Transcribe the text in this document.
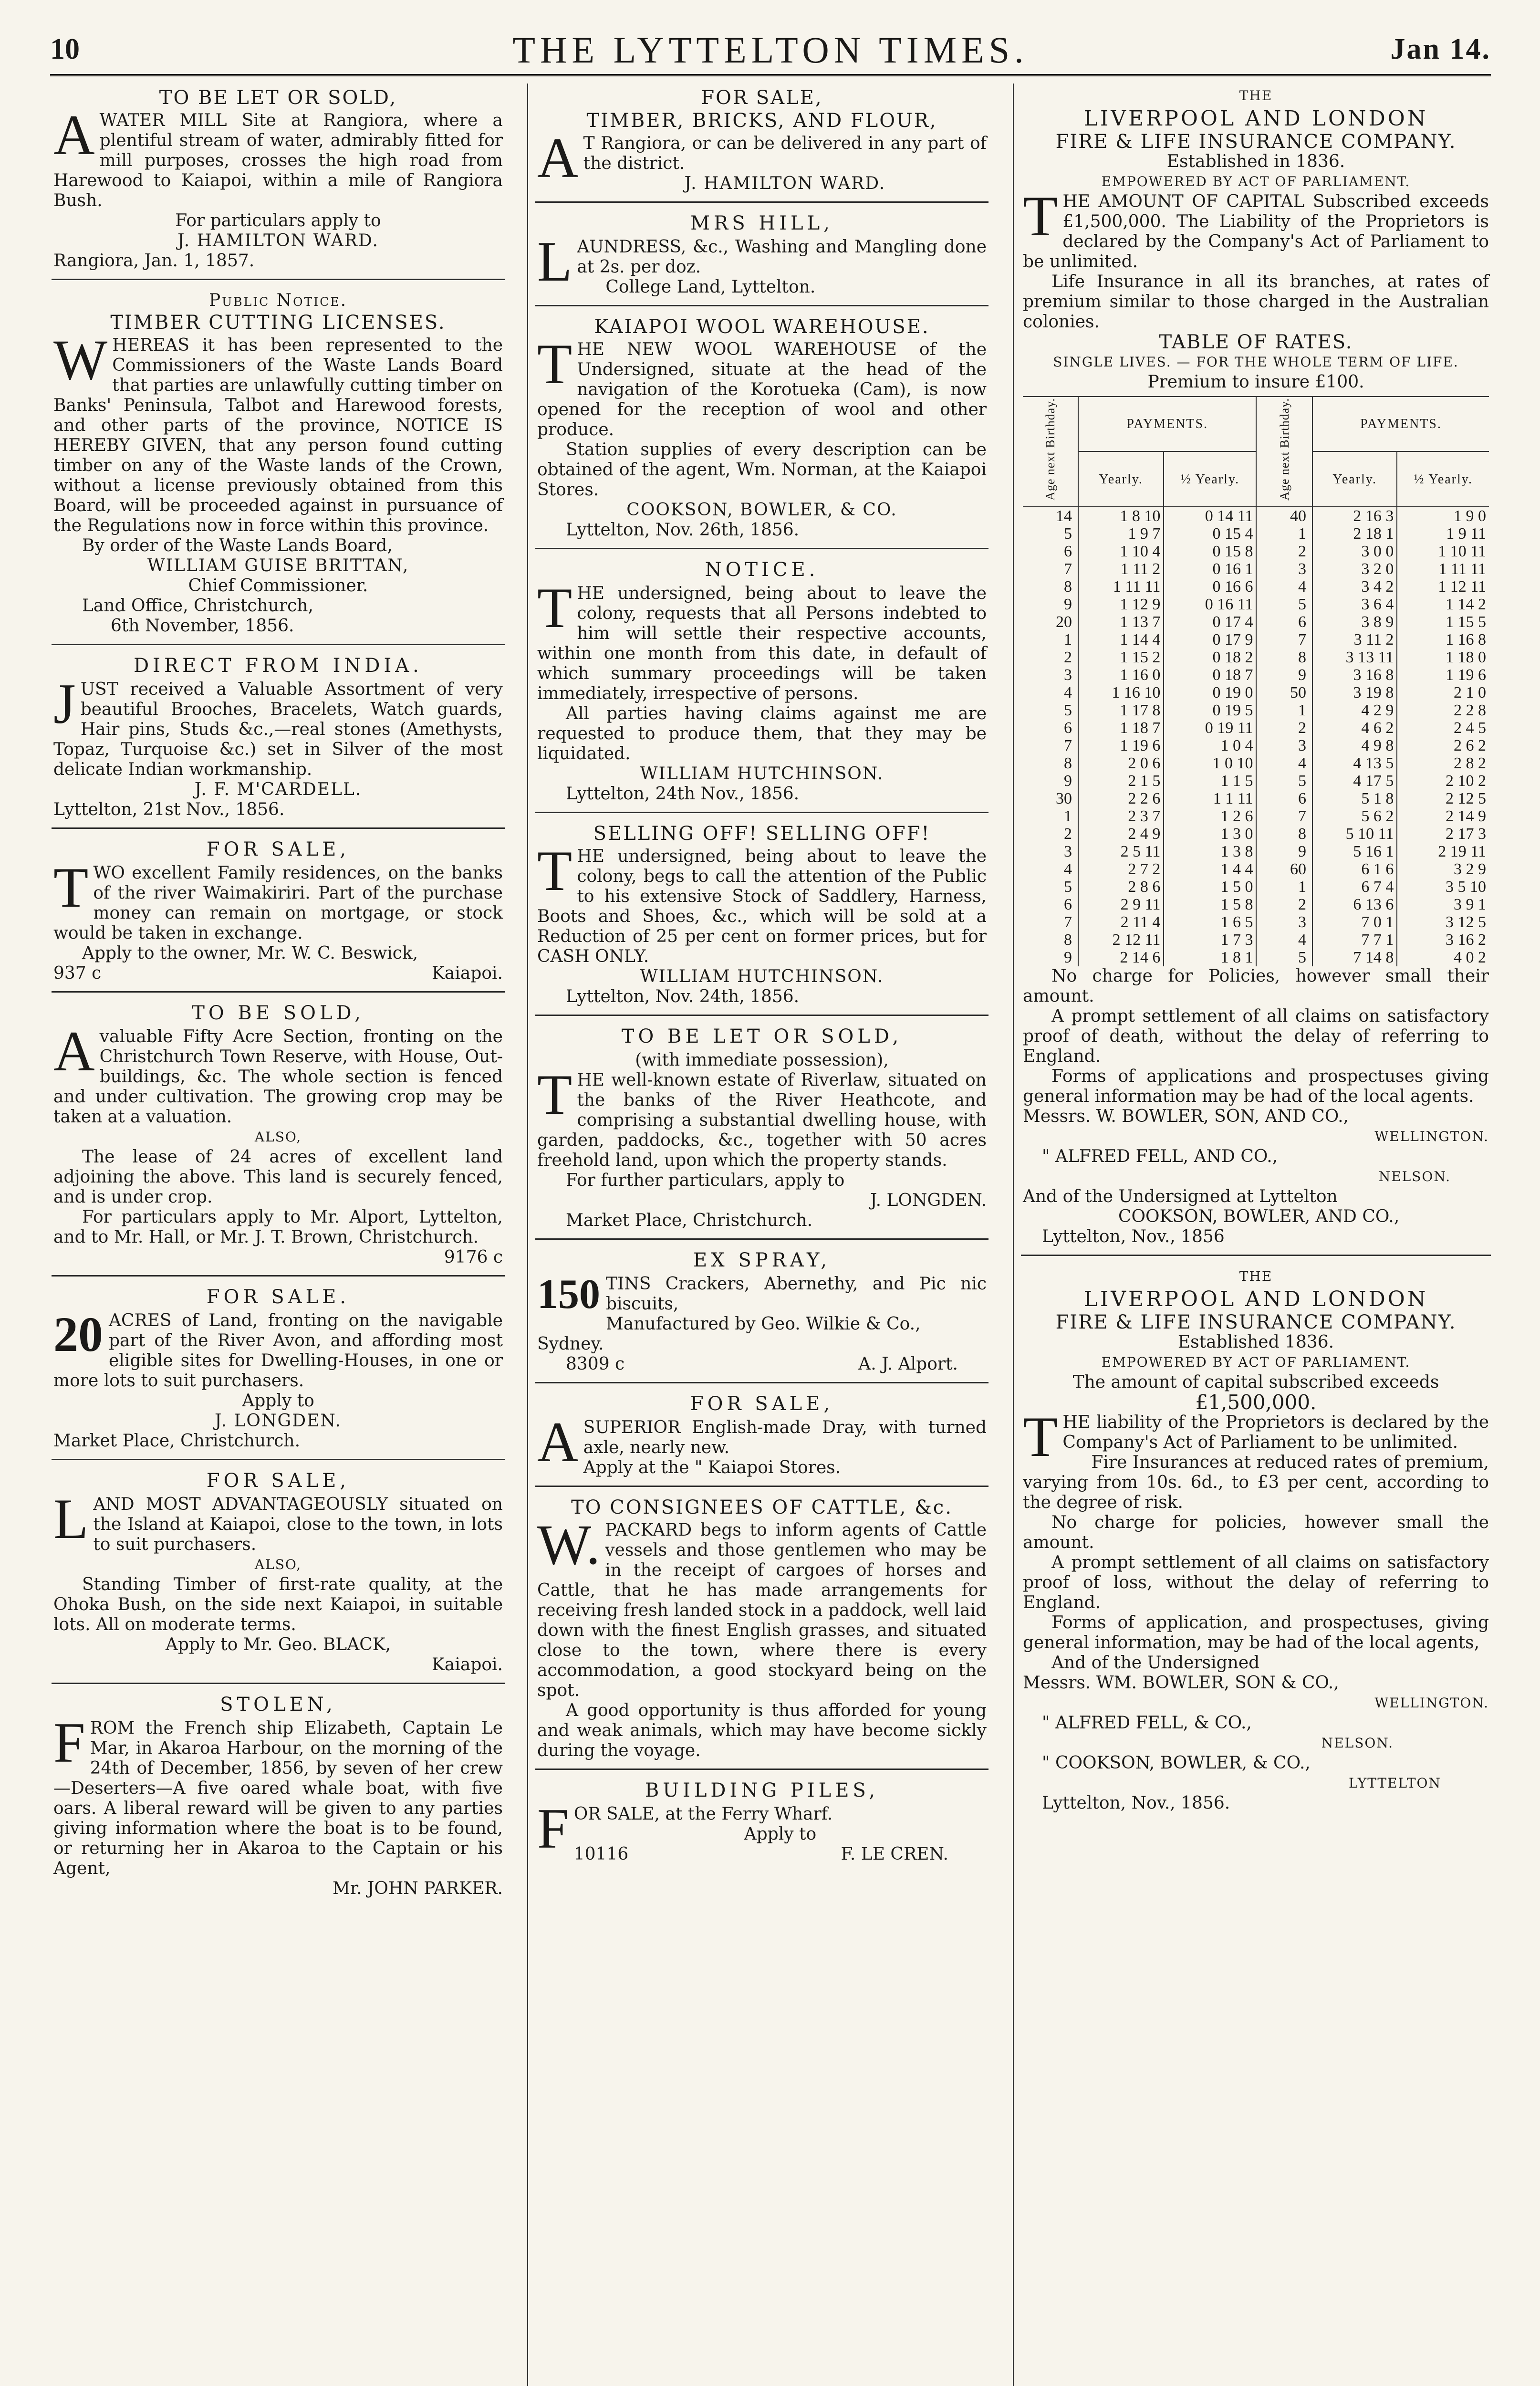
10	THE LYTTELTON TIMES.	Jan 14.
TO BE LET OR SOLD,

AWATER MILL Site at Rangiora, where a plentiful stream of water, admirably fitted for mill purposes, crosses the high road from Harewood to Kaiapoi, within a mile of Rangiora Bush.

For particulars apply to
J. HAMILTON WARD.
Rangiora, Jan. 1, 1857.
Public Notice.
TIMBER CUTTING LICENSES.

WHEREAS it has been represented to the Commissioners of the Waste Lands Board that parties are unlawfully cutting timber on Banks' Peninsula, Talbot and Harewood forests, and other parts of the province, NOTICE IS HEREBY GIVEN, that any person found cutting timber on any of the Waste lands of the Crown, without a license previously obtained from this Board, will be proceeded against in pursuance of the Regulations now in force within this province.

By order of the Waste Lands Board,
WILLIAM GUISE BRITTAN,
Chief Commissioner.
Land Office, Christchurch,
6th November, 1856.
DIRECT FROM INDIA.

JUST received a Valuable Assortment of very beautiful Brooches, Bracelets, Watch guards, Hair pins, Studs &c.,—real stones (Amethysts, Topaz, Turquoise &c.) set in Silver of the most delicate Indian workmanship.

J. F. M'CARDELL.
Lyttelton, 21st Nov., 1856.
FOR SALE,

TWO excellent Family residences, on the banks of the river Waimakiriri. Part of the purchase money can remain on mortgage, or stock would be taken in exchange.

Apply to the owner, Mr. W. C. Beswick,
937 c	Kaiapoi.
TO BE SOLD,

Avaluable Fifty Acre Section, fronting on the Christchurch Town Reserve, with House, Out-buildings, &c. The whole section is fenced and under cultivation. The growing crop may be taken at a valuation.

ALSO,

The lease of 24 acres of excellent land adjoining the above. This land is securely fenced, and is under crop.

For particulars apply to Mr. Alport, Lyttelton, and to Mr. Hall, or Mr. J. T. Brown, Christchurch.

9176 c
FOR SALE.

20 ACRES of Land, fronting on the navigable part of the River Avon, and affording most eligible sites for Dwelling-Houses, in one or more lots to suit purchasers.

Apply to
J. LONGDEN.
Market Place, Christchurch.
FOR SALE,

LAND MOST ADVANTAGEOUSLY situated on the Island at Kaiapoi, close to the town, in lots to suit purchasers.

ALSO,

Standing Timber of first-rate quality, at the Ohoka Bush, on the side next Kaiapoi, in suitable lots. All on moderate terms.

Apply to Mr. Geo. BLACK,
Kaiapoi.
STOLEN,

FROM the French ship Elizabeth, Captain Le Mar, in Akaroa Harbour, on the morning of the 24th of December, 1856, by seven of her crew—Deserters—A five oared whale boat, with five oars. A liberal reward will be given to any parties giving information where the boat is to be found, or returning her in Akaroa to the Captain or his Agent,

Mr. JOHN PARKER.
FOR SALE,
TIMBER, BRICKS, AND FLOUR,

A T Rangiora, or can be delivered in any part of the district.

J. HAMILTON WARD.
MRS HILL,

LAUNDRESS, &c., Washing and Mangling done at 2s. per doz.

College Land, Lyttelton.
KAIAPOI WOOL WAREHOUSE.

THE NEW WOOL WAREHOUSE of the Undersigned, situate at the head of the navigation of the Korotueka (Cam), is now opened for the reception of wool and other produce.

Station supplies of every description can be obtained of the agent, Wm. Norman, at the Kaiapoi Stores.

COOKSON, BOWLER, & CO.
Lyttelton, Nov. 26th, 1856.
NOTICE.

THE undersigned, being about to leave the colony, requests that all Persons indebted to him will settle their respective accounts, within one month from this date, in default of which summary proceedings will be taken immediately, irrespective of persons.

All parties having claims against me are requested to produce them, that they may be liquidated.

WILLIAM HUTCHINSON.
Lyttelton, 24th Nov., 1856.
SELLING OFF! SELLING OFF!

THE undersigned, being about to leave the colony, begs to call the attention of the Public to his extensive Stock of Saddlery, Harness, Boots and Shoes, &c., which will be sold at a Reduction of 25 per cent on former prices, but for CASH ONLY.

WILLIAM HUTCHINSON.
Lyttelton, Nov. 24th, 1856.
TO BE LET OR SOLD,
(with immediate possession),

THE well-known estate of Riverlaw, situated on the banks of the River Heathcote, and comprising a substantial dwelling house, with garden, paddocks, &c., together with 50 acres freehold land, upon which the property stands.

For further particulars, apply to
J. LONGDEN.
Market Place, Christchurch.
EX SPRAY,

150 TINS Crackers, Abernethy, and Pic nic biscuits,

Manufactured by Geo. Wilkie & Co., Sydney.
8309 c	A. J. Alport.
FOR SALE,

ASUPERIOR English-made Dray, with turned axle, nearly new.

Apply at the " Kaiapoi Stores.
TO CONSIGNEES OF CATTLE, &c.

W. PACKARD begs to inform agents of Cattle vessels and those gentlemen who may be in the receipt of cargoes of horses and Cattle, that he has made arrangements for receiving fresh landed stock in a paddock, well laid down with the finest English grasses, and situated close to the town, where there is every accommodation, a good stockyard being on the spot.

A good opportunity is thus afforded for young and weak animals, which may have become sickly during the voyage.

BUILDING PILES,

FOR SALE, at the Ferry Wharf.

Apply to
10116	F. LE CREN.
THE
LIVERPOOL AND LONDON
FIRE & LIFE INSURANCE COMPANY.
Established in 1836.
EMPOWERED BY ACT OF PARLIAMENT.

THE AMOUNT OF CAPITAL Subscribed exceeds £1,500,000. The Liability of the Proprietors is declared by the Company's Act of Parliament to be unlimited.

Life Insurance in all its branches, at rates of premium similar to those charged in the Australian colonies.

TABLE OF RATES.
SINGLE LIVES. — FOR THE WHOLE TERM OF LIFE.
Premium to insure £100.
Age next Birthday.	PAYMENTS.		Age next Birthday.	PAYMENTS.	
	Yearly.	½ Yearly.		Yearly.	½ Yearly.
14	1 8 10	0 14 11	40	2 16 3	1 9 0
5	1 9 7	0 15 4	1	2 18 1	1 9 11
6	1 10 4	0 15 8	2	3 0 0	1 10 11
7	1 11 2	0 16 1	3	3 2 0	1 11 11
8	1 11 11	0 16 6	4	3 4 2	1 12 11
9	1 12 9	0 16 11	5	3 6 4	1 14 2
20	1 13 7	0 17 4	6	3 8 9	1 15 5
1	1 14 4	0 17 9	7	3 11 2	1 16 8
2	1 15 2	0 18 2	8	3 13 11	1 18 0
3	1 16 0	0 18 7	9	3 16 8	1 19 6
4	1 16 10	0 19 0	50	3 19 8	2 1 0
5	1 17 8	0 19 5	1	4 2 9	2 2 8
6	1 18 7	0 19 11	2	4 6 2	2 4 5
7	1 19 6	1 0 4	3	4 9 8	2 6 2
8	2 0 6	1 0 10	4	4 13 5	2 8 2
9	2 1 5	1 1 5	5	4 17 5	2 10 2
30	2 2 6	1 1 11	6	5 1 8	2 12 5
1	2 3 7	1 2 6	7	5 6 2	2 14 9
2	2 4 9	1 3 0	8	5 10 11	2 17 3
3	2 5 11	1 3 8	9	5 16 1	2 19 11
4	2 7 2	1 4 4	60	6 1 6	3 2 9
5	2 8 6	1 5 0	1	6 7 4	3 5 10
6	2 9 11	1 5 8	2	6 13 6	3 9 1
7	2 11 4	1 6 5	3	7 0 1	3 12 5
8	2 12 11	1 7 3	4	7 7 1	3 16 2
9	2 14 6	1 8 1	5	7 14 8	4 0 2

No charge for Policies, however small their amount.

A prompt settlement of all claims on satisfactory proof of death, without the delay of referring to England.

Forms of applications and prospectuses giving general information may be had of the local agents.

Messrs. W. BOWLER, SON, AND CO.,
WELLINGTON.
" ALFRED FELL, AND CO.,
NELSON.
And of the Undersigned at Lyttelton
COOKSON, BOWLER, AND CO.,
Lyttelton, Nov., 1856
THE
LIVERPOOL AND LONDON
FIRE & LIFE INSURANCE COMPANY.
Established 1836.
EMPOWERED BY ACT OF PARLIAMENT.
The amount of capital subscribed exceeds
£1,500,000.

THE liability of the Proprietors is declared by the Company's Act of Parliament to be unlimited.

Fire Insurances at reduced rates of premium, varying from 10s. 6d., to £3 per cent, according to the degree of risk.

No charge for policies, however small the amount.

A prompt settlement of all claims on satisfactory proof of loss, without the delay of referring to England.

Forms of application, and prospectuses, giving general information, may be had of the local agents,

And of the Undersigned
Messrs. WM. BOWLER, SON & CO.,
WELLINGTON.
" ALFRED FELL, & CO.,
NELSON.
" COOKSON, BOWLER, & CO.,
LYTTELTON
Lyttelton, Nov., 1856.
